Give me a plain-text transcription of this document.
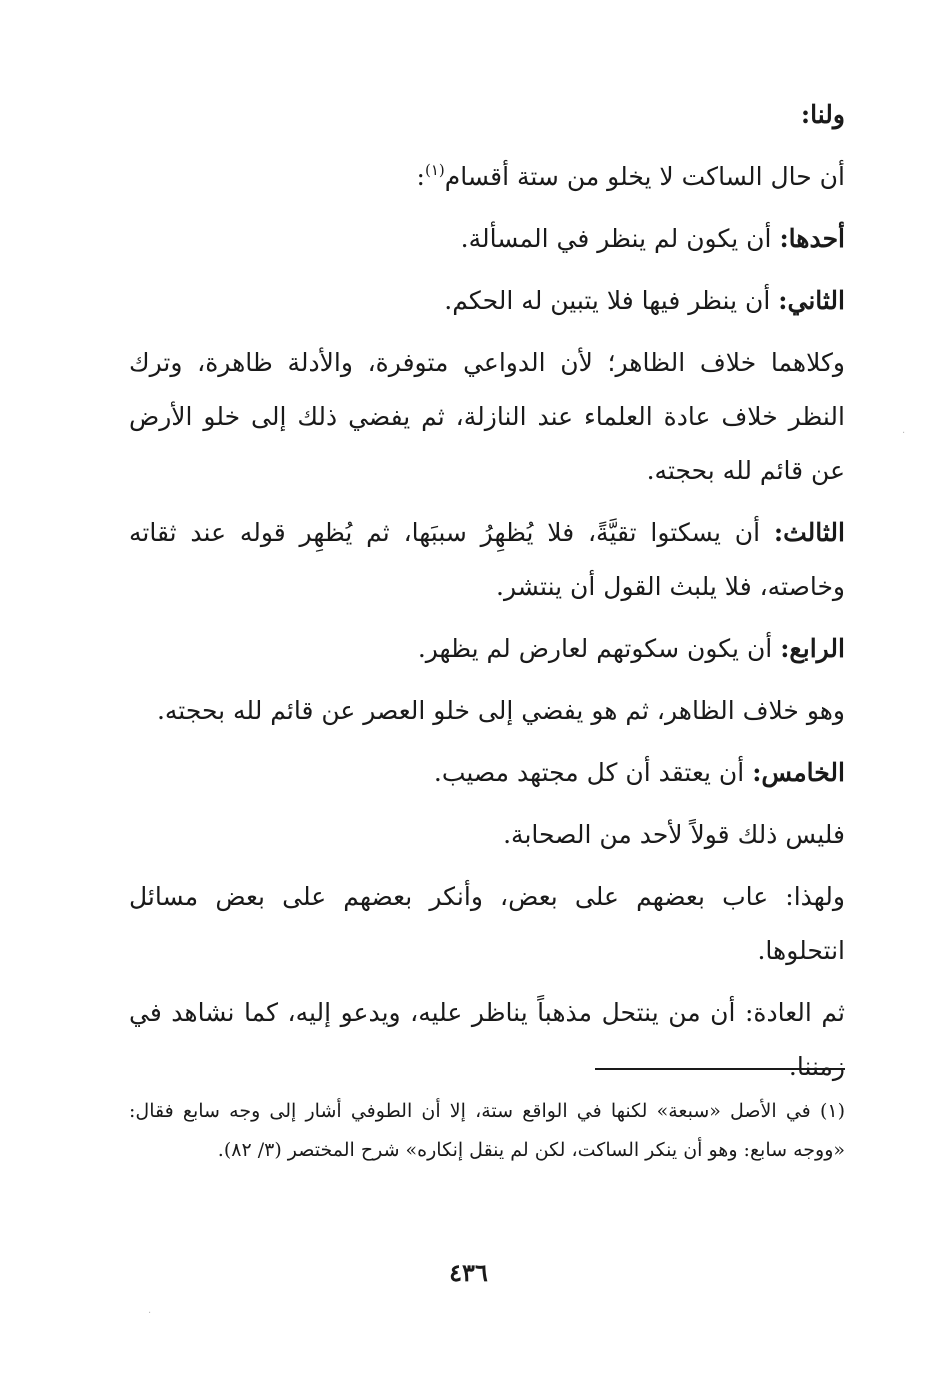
ولنا:

أن حال الساكت لا يخلو من ستة أقسام$^{(١)}$:

أحدها: أن يكون لم ينظر في المسألة.

الثاني: أن ينظر فيها فلا يتبين له الحكم.

وكلاهما خلاف الظاهر؛ لأن الدواعي متوفرة، والأدلة ظاهرة، وترك النظر خلاف عادة العلماء عند النازلة، ثم يفضي ذلك إلى خلو الأرض عن قائم لله بحجته.

الثالث: أن يسكتوا تقيَّةً، فلا يُظهِرُ سببَها، ثم يُظهِر قوله عند ثقاته وخاصته، فلا يلبث القول أن ينتشر.

الرابع: أن يكون سكوتهم لعارض لم يظهر.

وهو خلاف الظاهر، ثم هو يفضي إلى خلو العصر عن قائم لله بحجته.

الخامس: أن يعتقد أن كل مجتهد مصيب.

فليس ذلك قولاً لأحد من الصحابة.

ولهذا: عاب بعضهم على بعض، وأنكر بعضهم على بعض مسائل انتحلوها.

ثم العادة: أن من ينتحل مذهباً يناظر عليه، ويدعو إليه، كما نشاهد في زمننا.

(١) في الأصل «سبعة» لكنها في الواقع ستة، إلا أن الطوفي أشار إلى وجه سابع فقال: «ووجه سابع: وهو أن ينكر الساكت، لكن لم ينقل إنكاره» شرح المختصر (٣/ ٨٢).
٤٣٦
·
·
